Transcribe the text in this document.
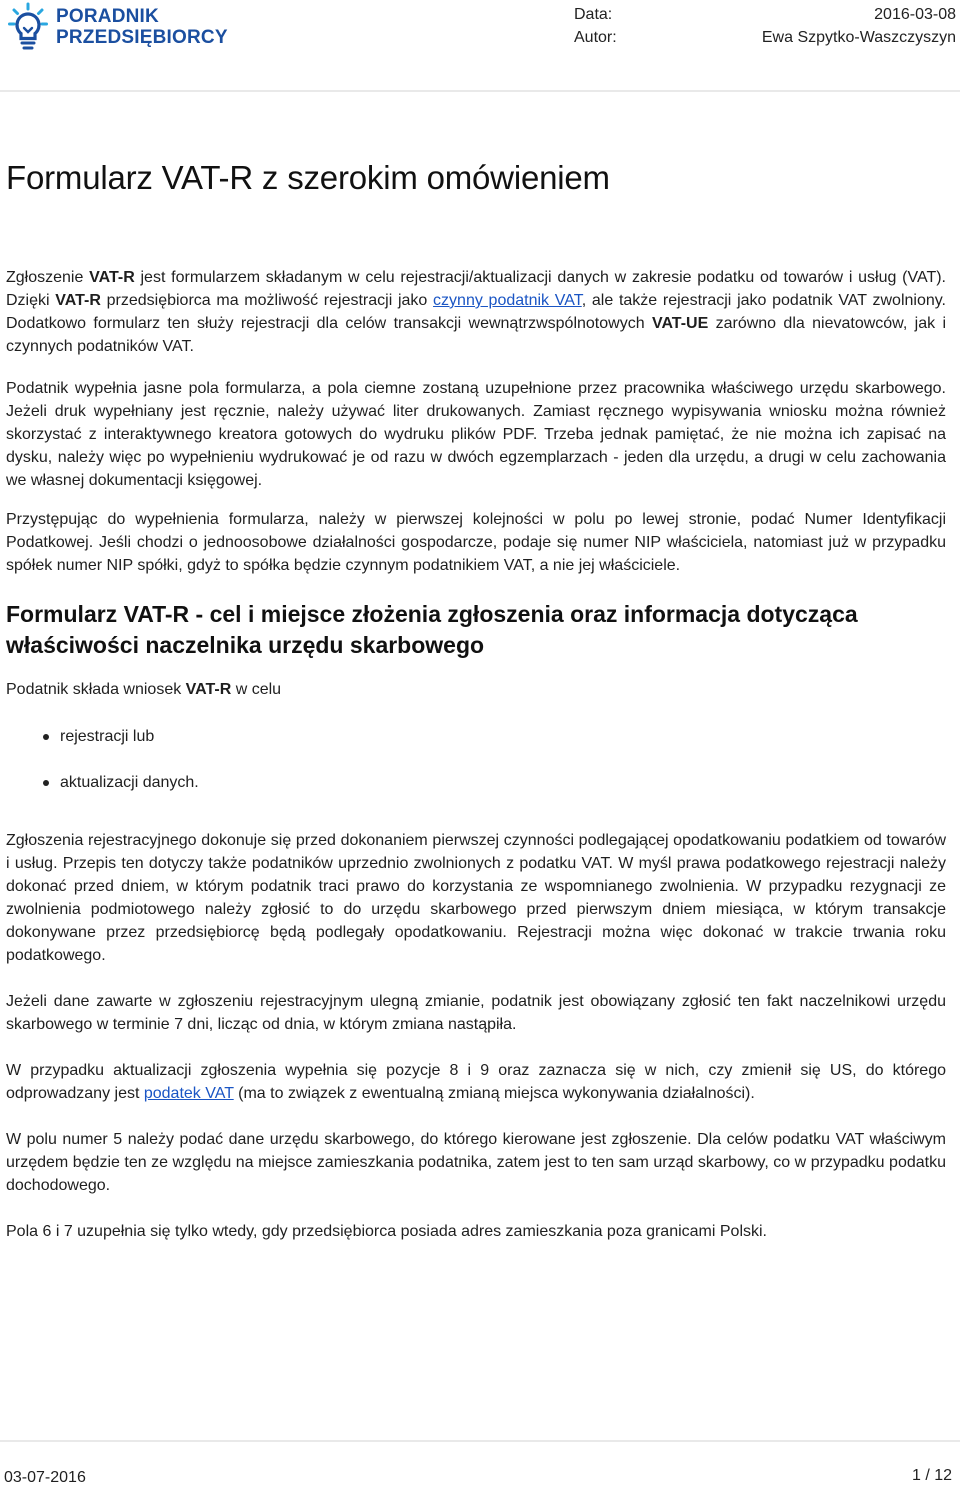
PORADNIK
PRZEDSIĘBIORCY
Data:	2016-03-08
Autor:	Ewa Szpytko-Waszczyszyn
Formularz VAT-R z szerokim omówieniem

Zgłoszenie VAT-R jest formularzem składanym w celu rejestracji/aktualizacji danych w zakresie podatku od towarów i usług (VAT). Dzięki VAT-R przedsiębiorca ma możliwość rejestracji jako czynny podatnik VAT, ale także rejestracji jako podatnik VAT zwolniony. Dodatkowo formularz ten służy rejestracji dla celów transakcji wewnątrzwspólnotowych VAT-UE zarówno dla nievatowców, jak i czynnych podatników VAT.

Podatnik wypełnia jasne pola formularza, a pola ciemne zostaną uzupełnione przez pracownika właściwego urzędu skarbowego. Jeżeli druk wypełniany jest ręcznie, należy używać liter drukowanych. Zamiast ręcznego wypisywania wniosku można również skorzystać z interaktywnego kreatora gotowych do wydruku plików PDF. Trzeba jednak pamiętać, że nie można ich zapisać na dysku, należy więc po wypełnieniu wydrukować je od razu w dwóch egzemplarzach - jeden dla urzędu, a drugi w celu zachowania we własnej dokumentacji księgowej.

Przystępując do wypełnienia formularza, należy w pierwszej kolejności w polu po lewej stronie, podać Numer Identyfikacji Podatkowej. Jeśli chodzi o jednoosobowe działalności gospodarcze, podaje się numer NIP właściciela, natomiast już w przypadku spółek numer NIP spółki, gdyż to spółka będzie czynnym podatnikiem VAT, a nie jej właściciele.

Formularz VAT-R - cel i miejsce złożenia zgłoszenia oraz informacja dotycząca właściwości naczelnika urzędu skarbowego

Podatnik składa wniosek VAT-R w celu

rejestracji lub
aktualizacji danych.

Zgłoszenia rejestracyjnego dokonuje się przed dokonaniem pierwszej czynności podlegającej opodatkowaniu podatkiem od towarów i usług. Przepis ten dotyczy także podatników uprzednio zwolnionych z podatku VAT. W myśl prawa podatkowego rejestracji należy dokonać przed dniem, w którym podatnik traci prawo do korzystania ze wspomnianego zwolnienia. W przypadku rezygnacji ze zwolnienia podmiotowego należy zgłosić to do urzędu skarbowego przed pierwszym dniem miesiąca, w którym transakcje dokonywane przez przedsiębiorcę będą podlegały opodatkowaniu. Rejestracji można więc dokonać w trakcie trwania roku podatkowego.

Jeżeli dane zawarte w zgłoszeniu rejestracyjnym ulegną zmianie, podatnik jest obowiązany zgłosić ten fakt naczelnikowi urzędu skarbowego w terminie 7 dni, licząc od dnia, w którym zmiana nastąpiła.

W przypadku aktualizacji zgłoszenia wypełnia się pozycje 8 i 9 oraz zaznacza się w nich, czy zmienił się US, do którego odprowadzany jest podatek VAT (ma to związek z ewentualną zmianą miejsca wykonywania działalności).

W polu numer 5 należy podać dane urzędu skarbowego, do którego kierowane jest zgłoszenie. Dla celów podatku VAT właściwym urzędem będzie ten ze względu na miejsce zamieszkania podatnika, zatem jest to ten sam urząd skarbowy, co w przypadku podatku dochodowego.

Pola 6 i 7 uzupełnia się tylko wtedy, gdy przedsiębiorca posiada adres zamieszkania poza granicami Polski.

03-07-2016	1 / 12
